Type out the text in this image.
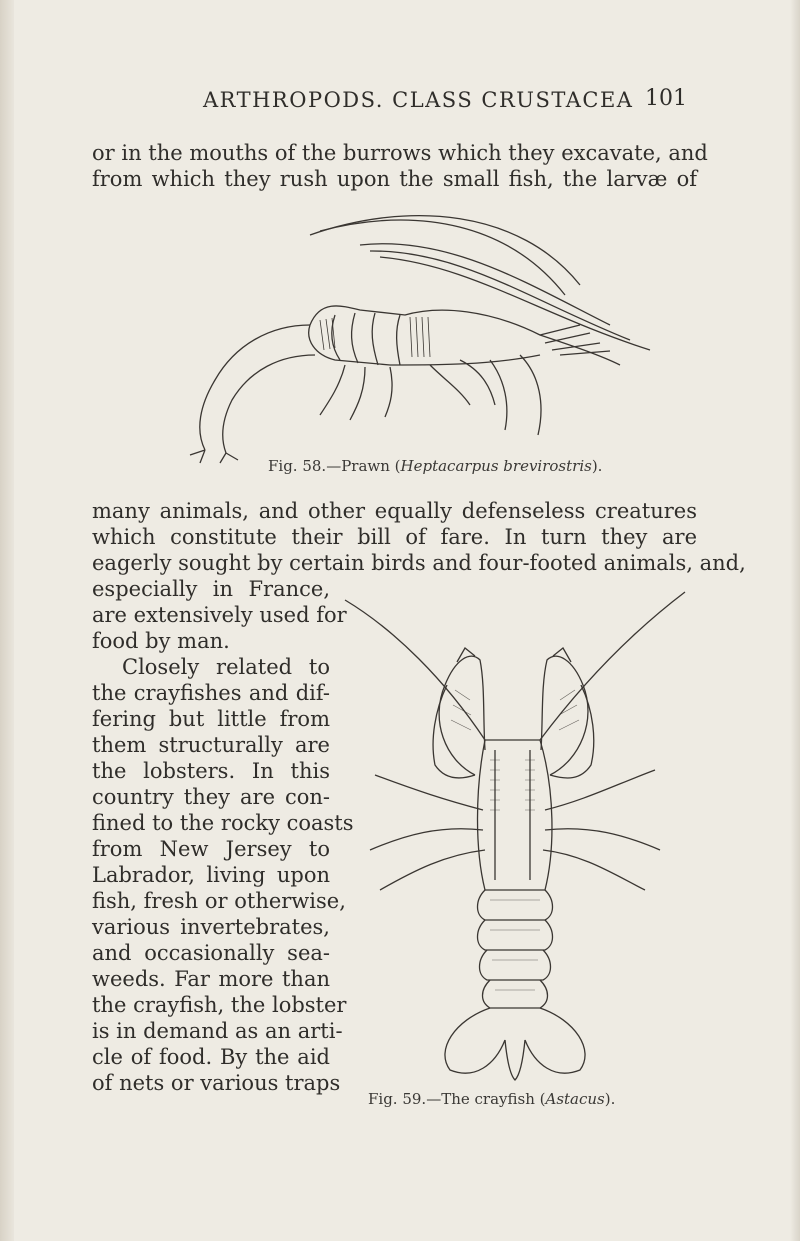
ARTHROPODS. CLASS CRUSTACEA 101
or in the mouths of the burrows which they excavate, and
from which they rush upon the small fish, the larvæ of
Fig. 58.—Prawn (Heptacarpus brevirostris).
many animals, and other equally defenseless creatures
which constitute their bill of fare. In turn they are
eagerly sought by certain birds and four-footed animals, and,
especially in France,
are extensively used for
food by man.
Closely related to
the crayfishes and dif-
fering but little from
them structurally are
the lobsters. In this
country they are con-
fined to the rocky coasts
from New Jersey to
Labrador, living upon
fish, fresh or otherwise,
various invertebrates,
and occasionally sea-
weeds. Far more than
the crayfish, the lobster
is in demand as an arti-
cle of food. By the aid
of nets or various traps
Fig. 59.—The crayfish (Astacus).
